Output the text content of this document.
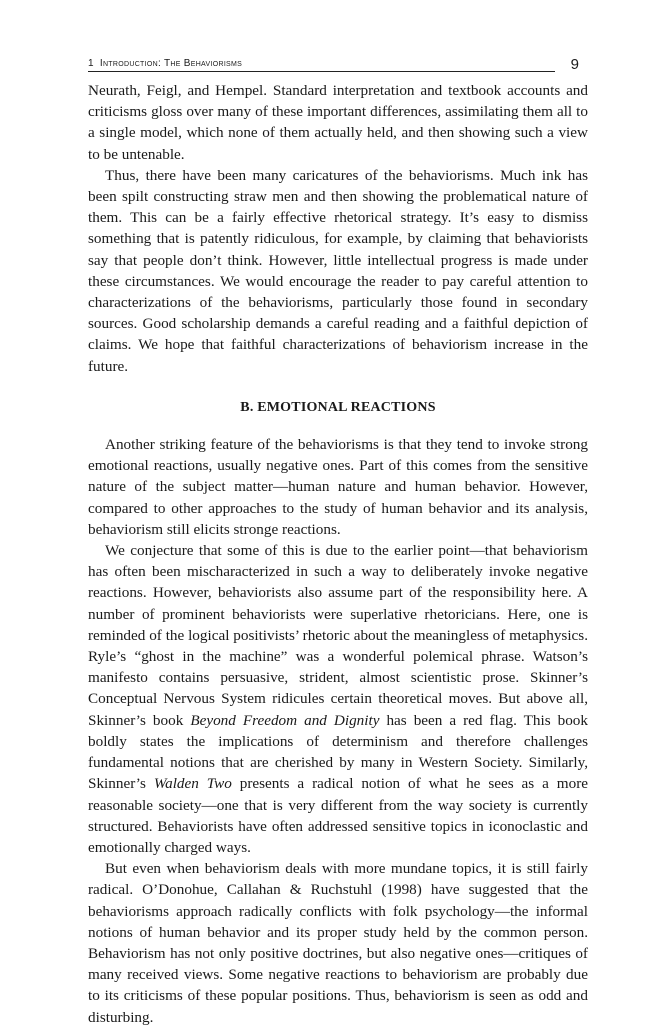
1 Introduction: The Behaviorisms	9

Neurath, Feigl, and Hempel. Standard interpretation and textbook accounts and criticisms gloss over many of these important differences, assimilating them all to a single model, which none of them actually held, and then showing such a view to be untenable.

Thus, there have been many caricatures of the behaviorisms. Much ink has been spilt constructing straw men and then showing the problematical nature of them. This can be a fairly effective rhetorical strategy. It’s easy to dismiss something that is patently ridiculous, for example, by claiming that behaviorists say that people don’t think. However, little intellectual progress is made under these circumstances. We would encourage the reader to pay careful attention to characterizations of the behaviorisms, particularly those found in secondary sources. Good scholarship demands a careful reading and a faithful depiction of claims. We hope that faithful characterizations of behaviorism increase in the future.

B. EMOTIONAL REACTIONS

Another striking feature of the behaviorisms is that they tend to invoke strong emotional reactions, usually negative ones. Part of this comes from the sensitive nature of the subject matter—human nature and human behavior. However, compared to other approaches to the study of human behavior and its analysis, behaviorism still elicits stronge reactions.

We conjecture that some of this is due to the earlier point—that behaviorism has often been mischaracterized in such a way to deliberately invoke negative reactions. However, behaviorists also assume part of the responsibility here. A number of prominent behaviorists were superlative rhetoricians. Here, one is reminded of the logical positivists’ rhetoric about the meaningless of metaphysics. Ryle’s “ghost in the machine” was a wonderful polemical phrase. Watson’s manifesto contains persuasive, strident, almost scientistic prose. Skinner’s Conceptual Nervous System ridicules certain theoretical moves. But above all, Skinner’s book Beyond Freedom and Dignity has been a red flag. This book boldly states the implications of determinism and therefore challenges fundamental notions that are cherished by many in Western Society. Similarly, Skinner’s Walden Two presents a radical notion of what he sees as a more reasonable society—one that is very different from the way society is currently structured. Behaviorists have often addressed sensitive topics in iconoclastic and emotionally charged ways.

But even when behaviorism deals with more mundane topics, it is still fairly radical. O’Donohue, Callahan & Ruchstuhl (1998) have suggested that the behaviorisms approach radically conflicts with folk psychology—the informal notions of human behavior and its proper study held by the common person. Behaviorism has not only positive doctrines, but also negative ones—critiques of many received views. Some negative reactions to behaviorism are probably due to its criticisms of these popular positions. Thus, behaviorism is seen as odd and disturbing.
